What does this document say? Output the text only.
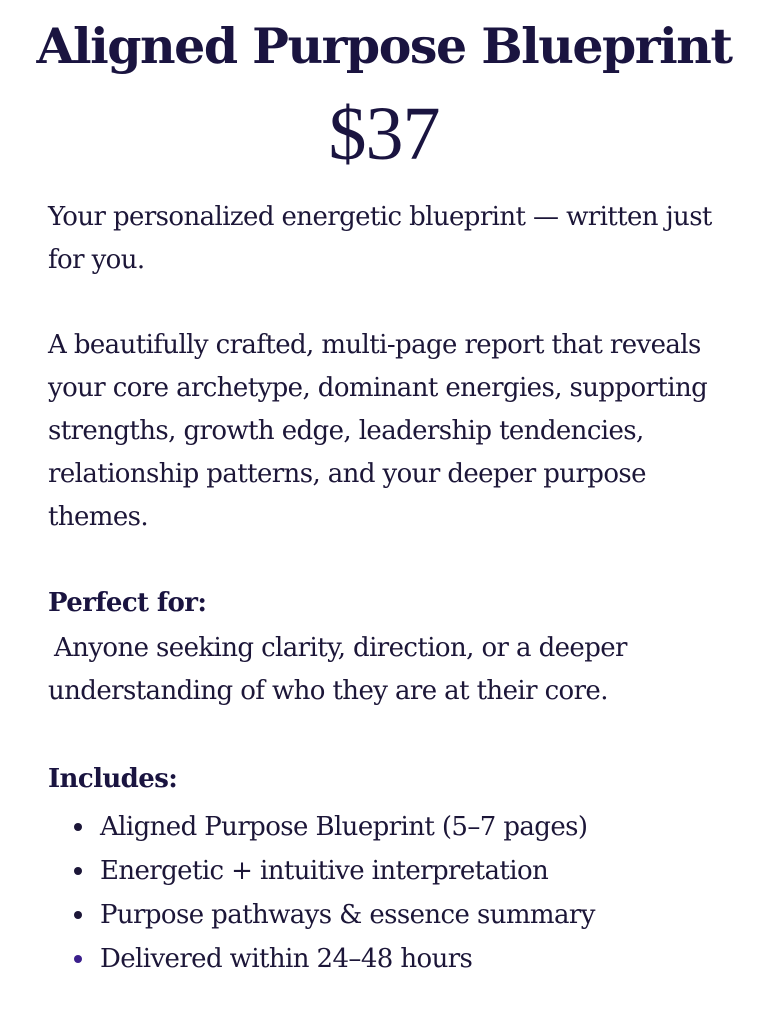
Aligned Purpose Blueprint
$37

Your personalized energetic blueprint — written just for you.

A beautifully crafted, multi-page report that reveals your core archetype, dominant energies, supporting strengths, growth edge, leadership tendencies, relationship patterns, and your deeper purpose themes.

Perfect for:

Anyone seeking clarity, direction, or a deeper understanding of who they are at their core.

Includes:
Aligned Purpose Blueprint (5–7 pages)
Energetic + intuitive interpretation
Purpose pathways & essence summary
Delivered within 24–48 hours
